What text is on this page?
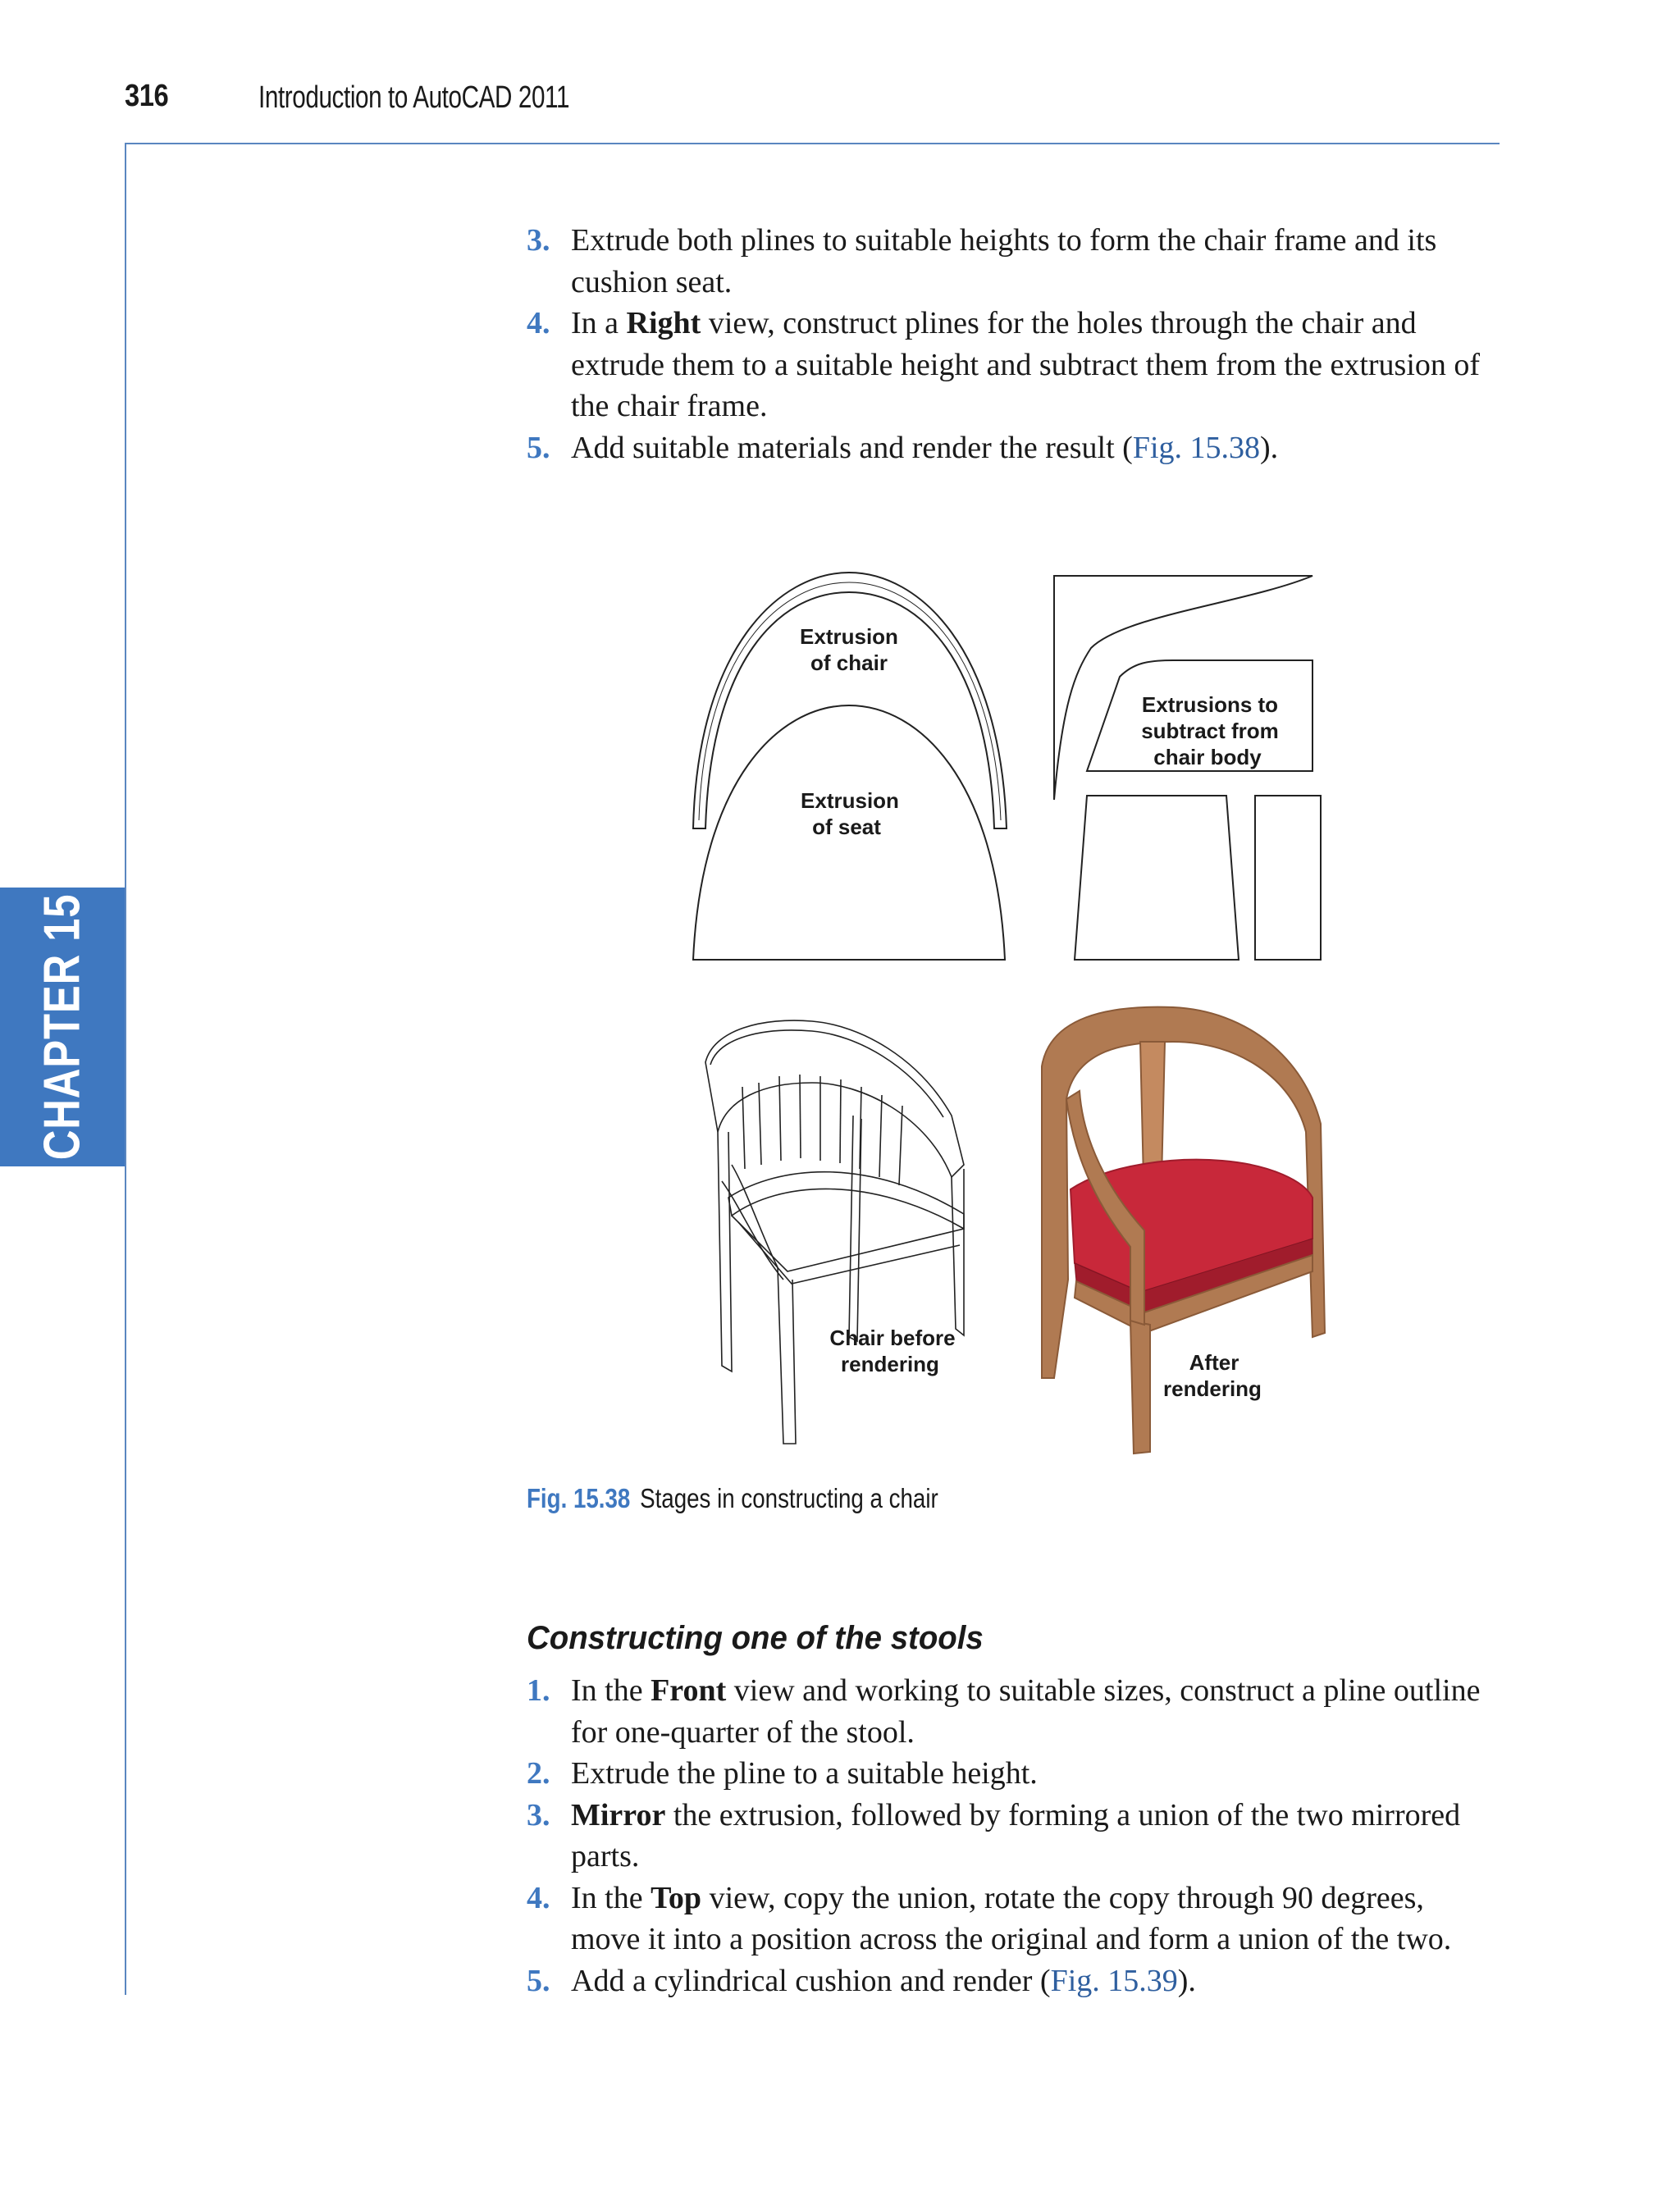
316	Introduction to AutoCAD 2011
CHAPTER 15
3. Extrude both plines to suitable heights to form the chair frame and its cushion seat.
4. In a Right view, construct plines for the holes through the chair and extrude them to a suitable height and subtract them from the extrusion of the chair frame.
5. Add suitable materials and render the result (Fig. 15.38).
Extrusion
of chair
Extrusion
of seat
Extrusions to
subtract from
chair body
Chair before
rendering	After
rendering
Fig. 15.38 Stages in constructing a chair
Constructing one of the stools
1. In the Front view and working to suitable sizes, construct a pline outline for one-quarter of the stool.
2. Extrude the pline to a suitable height.
3. Mirror the extrusion, followed by forming a union of the two mirrored parts.
4. In the Top view, copy the union, rotate the copy through 90 degrees, move it into a position across the original and form a union of the two.
5. Add a cylindrical cushion and render (Fig. 15.39).
